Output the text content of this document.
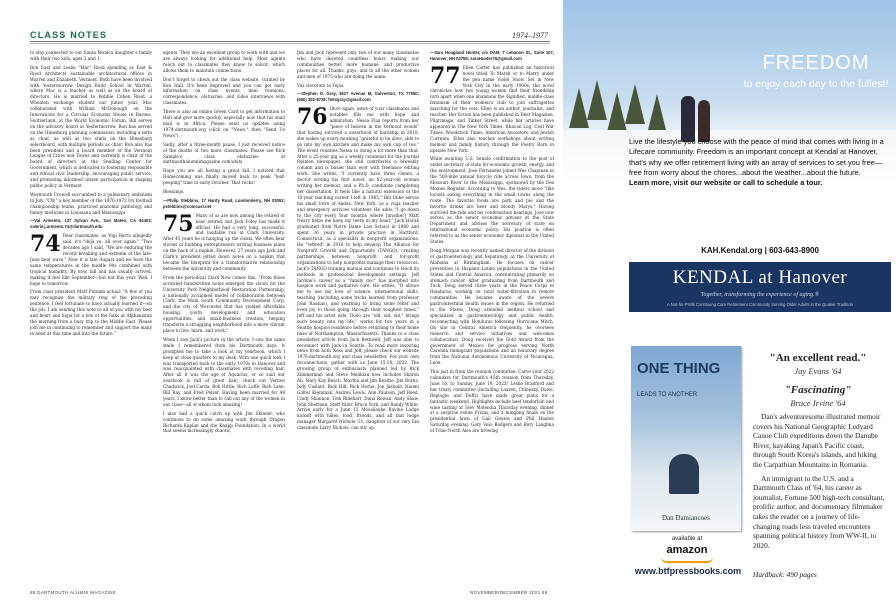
CLASS NOTES	1974–1977

to stay connected to our Santa Monica daughter's family with their two kids, ages 3 and 1.

Ron East and Leslie "Mac" Rood spending as East & Rood Architects sustainable architectural offices in Warren and Elizabeth, Vermont. Both have been involved with Yestermorrow Design Build School in Warren, where Mac is a teacher as well as on the board of directors. He is married to Bobbie Cohen Rood, a Wheaton exchange student our junior year. Mac collaborated with William McDonough on the Innovations for a Circular Economy House in Barnes, Switzerland, at the World Economic Forum. Bill serves on the advisory board at Yestermorrow. Ron has served on the Hinesburg planning commission, including a term as chair, as well as two stints on the Hinesburg selectboard, with multiple periods as chair. Ron also has been president and a board member of the Vermont League of Cities and Towns and currently is chair of the board of directors at the Snelling Center for Government, which is dedicated to fostering responsible and ethical civic leadership, encouraging public service, and promoting informed citizen participation in shaping public policy in Vermont.

Weymouth Crowell succumbed to a pulmonary embolism in July. "CW," a key member of the 1970-1972 Ivy football championship teams, practiced anatomic pathology and family medicine in Louisiana and Mississippi.

—Val Armento, 137 Sylvan Ave., San Mateo, CA 94403; valerie.j.armento.74@dartmouth.edu

74 Dear classmates, as Yogi Berra allegedly said, it's "déjà vu, all over again." "Two decades ago I said, "We are enduring the record breaking and extreme of the late-June heat wave." Now it is late August and we have the same temperatures in the middle 90s combined with tropical humidity. By now, fall and has usually arrived, making it feel like September—but not this year. Well, I hope to tomorrow.

From class president Matt Putnam actual: "A few of you may recognize the military ring of the preceding sentence. I feel fortunate to have actually learned it—on the job. I am sending this note to all of you with my best and heart and hope for a few of the folks at Afghanistan the morning from a busy trip to the Middle East. Please join me in continuing to remember and support the many in need at this time and into the future."

agents. They are an excellent group to work with and we are always looking for additional help. Most agents reach out to classmates they know to solicit, which allows them to maintain connections.

Don't forget to check out the class website, curated by Ken Hall. It's been improved and you can get early information on class events, mini reunions, correspondence, obituaries, and video interviews with classmates.

There is also an online Green Card to get information to Hall and give more quickly, especially now that his snail mail is in Africa. Please send us updates using 1974.dartmouth.org (click on "News," then "Send Us News").

Sadly, after a three-month pause, I just received notice of the deaths of two more classmates. Please see Rick Sample's class obituaries at dartmouthalumnimagazine.com/obits.

Hope you are all having a great fall. I noticed that Homecoming was finally moved back to peak "leaf-peeping" time in early October. That rocks!

Blessings.

—Philip Stebbins, 17 Hardy Road, Londonderry, NH 03053; pstebbins@comcast.net

75 Many of us are now among the retired or near retired, but Jack Foley has made it official. He had a very long, successful, and laudable run at Clark University. After 45 years he is hanging up the cleats. We often hear stories of budding entrepreneurs writing business plans on the back of a napkin. However, 27 years ago Jack and Clark's president jotted down notes on a napkin that became the blueprint for a transformative relationship between the university and community.

From the periodical Clark Now comes this, "From those scrawled handwritten notes emerged the vision for the University Park Neighborhood Restoration Partnership, a nationally acclaimed model of collaboration between Clark, the Main South Community Development Corp, and the city of Worcester that has yielded affordable housing, youth development and education opportunities, and small-business creation, helping transform a struggling neighborhood into a more vibrant place to live, learn, and work."

When I saw Jack's picture in the article, I saw the same smile I remembered from his Dartmouth days. It prompted me to take a look at my yearbook, which I keep at close quarters to my desk. With one quick look I was transported back to the early 1970s in Hanover and was reacquainted with classmates with receding hair. After all it was the age of Aquarius, or so said our yearbook is full of great hair; check out Vernon Chadwick, Joel Carda, Bob Hittle, Rich Luffe, Rich Lane, Bill Ray, and Fred Pelzer. Having been married for 48 years, I know better than to call out any of the women in our class—all of whom look amazing!

I also had a quick catch up with Jim Skinner, who continues to do some amazing work through Dragon Richards Kaplan and the Knapp Foundation. In a world that seems increasingly chaotic,

Jim and Jack represent only two of our many classmates who have devoted countless hours making our communities better, more humane, and productive places for all. Thanks, guys, and to all the other women and men of 1975 who are doing the same.

Vaz clevorato te Tejas.

—Stephen D. Gray, 3627 Avenue M, Galveston, TX 77550; (650) 302-8728; fmtsgray@gmail.com

76 Once again, news of your classmates and notables fills me with hope and admiration. Nessa Flax reports from her "piece of heaven in the Vermont woods" that having survived a sisterhood of hardship in 2018, she wakes up every morning "grateful to be alive, able to go into my own kitchen and make my own cup of tea." The event reunites Nessa to doing a lot more than that. After a 25-year gig as a weekly columnist for the Journal Opinion newspaper, she still contributes a biweekly column and is busier than ever with freelance editing work. She writes, "I currently have three clients, a doctor writing his first novel, an 82-year-old woman writing her memoir, and a Ph.D. candidate completing her dissertation. It feels like a natural extension of the 10-year teaching career I left in 1985." Bill Duke serves his small town of Andes, New York, as a yoga teacher and emergency services volunteer. He adds, "I go down to the city every four months where [another] Matt Neary helps me keep my teeth in my head." Jack Horak graduated from Notre Dame Law School in 1980 and spent 36 years in private practice in Hartford, Connecticut, as a specialist in nonprofit organizations. He "retired" in 2016 to help develop The Alliance for Nonprofit Growth and Opportunity (TANGO), creating partnerships between nonprofit and for-profit organizations to help nonprofits manage their resources. Jack's TANGO training manual and continues to teach its methods in professional development settings. Jeff Jardine's career as a "family doc" has morphed into hospice work and palliative care. He writes, "It allows me to use my love of science, interpersonal skills, teaching (including some tricks learned from professor John Rassias), and yearning to bring some relief and even joy to those going through their toughest times." Jeff and his artist wife, Dodo are "old, old, old," brings such beauty into my life," works for two years in a Seattle hospice residence before returning to their home base of Northampton, Massachusetts. Thanks to a class newsletter article from Jack Bethwell, Jeff was able to reconnect with Jack in Seattle. To read more inspiring news from both Ness and Jeff, please check our website 1976.dartmouth.org and class newsletter. For your own reconnections, gather with us June 15-18, 2022. The growing group of enthusiasts planned led by Rick Zimmerman and Steve Melikian now includes Sharon Ali, Mary Kay Beach, Martha and Jim Beattie, Jim Burns, Judy Caslant, Rick Hill, Rich Horne, Joe Jaskuld, Naomi Galter Kleinman, Andrea Lewis, Ann Paulson, Jeff Reed, Cindy Shannon, Tom Rinehart, Dana Rowan, Andy Shaw, John Sherman, Steff Valor, Bruce York, and Randy White. Arrive early for a June 15 Moosilauke Ravine Lodge kickoff with hikes, food, friends, and all that lodge manager Margaret Nichole '21, daughter of our very fun classmate Larry Nichols, can stir up.

—Sara Hoagland Hunter, c/o DAM, 7 Lebanon St., Suite 107, Hanover, NH 03755; saraHunter76@gmail.com

77 Ellen Carter has published an historical novel titled To Marsh or to Marry under the pen name Violet Snow. Set in New York City in the early 1900s, the novel chronicles how two young women find their friendship torn apart when one abandons the dignified, middle-class feminism of their women's club to join suffragettes marching for the vote. Ellen is an author, journalist, and teacher. Her fiction has been published in Deer Magazine, Pilgrimage, and Tinker Street, while her articles have appeared in The New York Times, Ithacan Log, Civil War Times, Woodstock Times, American Ancestors, and Jewish Currents. Ellen also teaches workshops about writing memoir and family history through the Poetry Barn in upstate New York.

While awaiting U.S. Senate confirmation to the post of under secretary of state for economic growth, energy, and the environment, Jose Fernandez joined Wes Chapman in the 500-mile annual bicycle ride across Iowa, from the Missouri River to the Mississippi, sponsored by the Des Moines Register. According to Wes, the riders move "like locusts eating everything in the small towns along the route. The favorite foods are pork and pie and the favorite drinks are beer and bloody Marys." Having survived the ride and his confirmation hearings, Jose now serves as the senior economic adviser at the State Department and advises the secretary of state on international economic policy. His position is often referred to as the senior economic diplomat in the United States.

Doug Morgan was recently named director of the division of gastroenterology and hepatology at the University of Alabama at Birmingham. He focuses on cancer prevention in Hispanic-Latino populations in the United States and Central America, concentrating primarily on stomach cancer. After graduating from Dartmouth and Tuck, Doug served three years in the Peace Corps in Honduras, working on rural water-filtration in remote communities. He became aware of the severe gastrointestinal health issues in the region. He returned to the States, Doug attended medical school and specialized in gastroenterology and public health, reconnecting with Honduras following Hurricane Mitch. On site in Central America frequently, he oversees research and service initiatives and welcomes collaboration. Doug received the Gold Award from the government of Mexico for progress serving North Carolina immigrant populations and an honorary degree from the National Autonomous University of Nicaragua, León.

This just in from the reunion committee: Carve your 2022 calendars for Dartmouth's 45th reunion from Thursday, June 16, to Sunday, June 19, 2022! Leslie Bradford and her trusty committee (including Lauren, Chinesky, Dawe, Replogle, and Duffy) have made great plans for a fantastic weekend. Highlights include beef tenderloin and wine tasting at Stev Molendia Thursday evening, dinner at a surprise venue Friday, and a mingling finale on the presidential lawn of Gail Gentes and Phil Hanlon Saturday evening. Gary Voss Rodgers and Rory Laughna of Trine North Ales are brewing

88 DARTMOUTH ALUMNI MAGAZINE	NOVEMBER/DECEMBER 2021 89
FREEDOM
to enjoy each day to the fullest!
Live the lifestyle you choose with the peace of mind that comes with living in a Lifecare community. Freedom is an important concept at Kendal at Hanover, that's why we offer retirement living with an array of services to set you free—free from worry about the chores...about the weather...about the future.
Learn more, visit our website or call to schedule a tour.
KAH.Kendal.org | 603-643-8900
KENDAL at Hanover
Together, transforming the experience of aging.®
A Not-for-Profit Continuing Care Retirement Community Serving Older Adults in the Quaker Tradition
ONE THING
LEADS TO ANOTHER
Dan Damiancoes
available at
amazon
www.btfpressbooks.com
"An excellent read."
Jay Evans '64
"Fascinating"
Bruce Irvine '64

Dan's adventuresome illustrated memoir covers his National Geographic Ledyard Canoe Club expeditions down the Danube River, kayaking Japan's Pacific coast, through South Korea's islands, and hiking the Carpathian Mountains in Romania.

An immigrant to the U.S. and a Dartmouth Class of '64, his career as journalist, Fortune 500 high-tech consultant, prolific author, and documentary filmmaker takes the reader on a journey of life-changing roads less traveled encounters spanning political history from WW-II, to 2020.

Hardback: 490 pages
